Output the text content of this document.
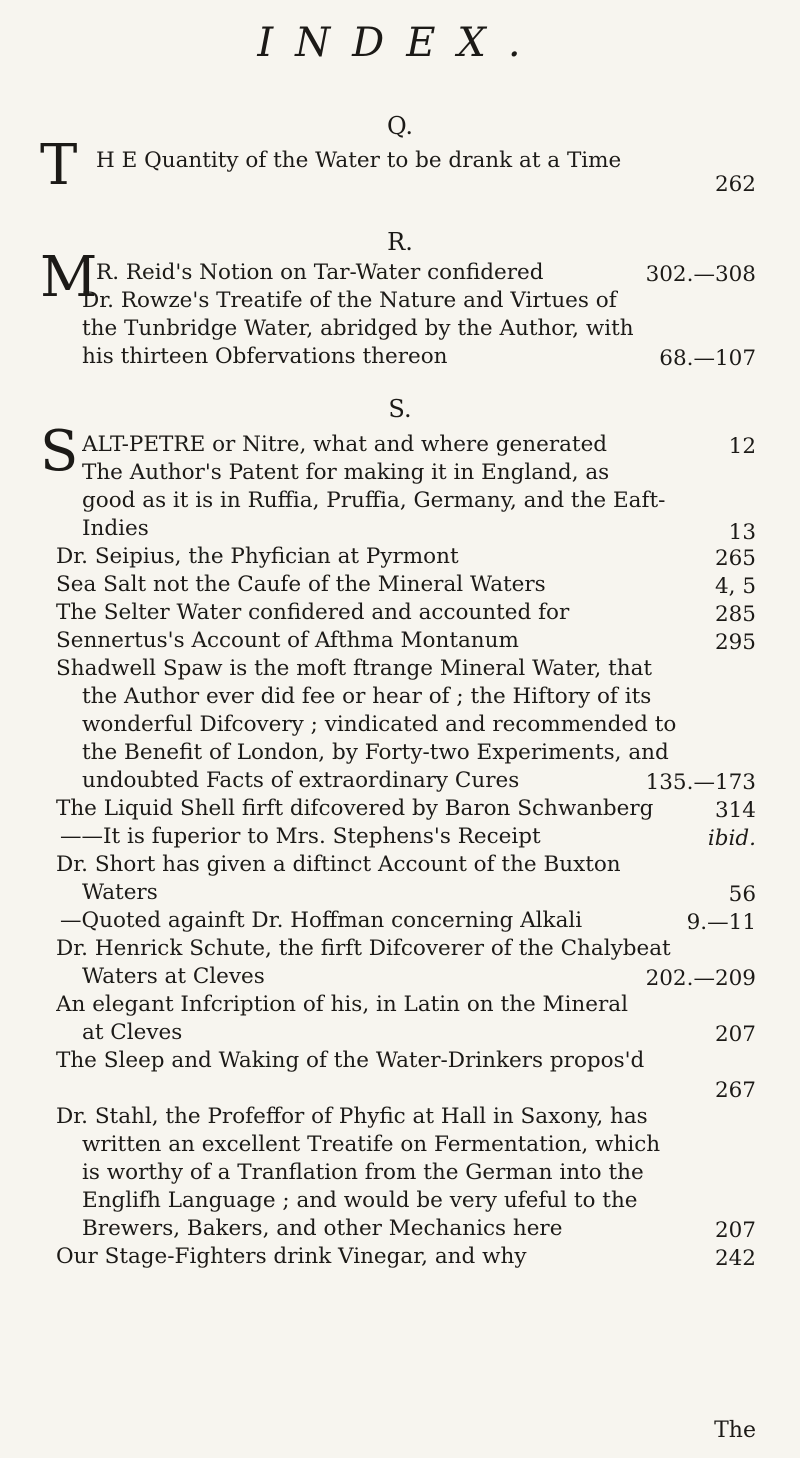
INDEX.
Q.
T H E Quantity of the Water to be drank at a Time
262
R.
M
R. Reid's Notion on Tar-Water confidered	302.—308
Dr. Rowze's Treatife of the Nature and Virtues of
the Tunbridge Water, abridged by the Author, with
his thirteen Obfervations thereon	68.—107
S.
S ALT-PETRE or Nitre, what and where generated	12
The Author's Patent for making it in England, as
good as it is in Ruffia, Pruffia, Germany, and the Eaft-
Indies	13
Dr. Seipius, the Phyfician at Pyrmont	265
Sea Salt not the Caufe of the Mineral Waters	4, 5
The Selter Water confidered and accounted for	285
Sennertus's Account of Afthma Montanum	295
Shadwell Spaw is the moft ftrange Mineral Water, that
the Author ever did fee or hear of ; the Hiftory of its
wonderful Difcovery ; vindicated and recommended to
the Benefit of London, by Forty-two Experiments, and
undoubted Facts of extraordinary Cures	135.—173
The Liquid Shell firft difcovered by Baron Schwanberg	314
——It is fuperior to Mrs. Stephens's Receipt	ibid.
Dr. Short has given a diftinct Account of the Buxton
Waters	56
—Quoted againft Dr. Hoffman concerning Alkali	9.—11
Dr. Henrick Schute, the firft Difcoverer of the Chalybeat
Waters at Cleves	202.—209
An elegant Infcription of his, in Latin on the Mineral
at Cleves	207
The Sleep and Waking of the Water-Drinkers propos'd
267
Dr. Stahl, the Profeffor of Phyfic at Hall in Saxony, has
written an excellent Treatife on Fermentation, which
is worthy of a Tranflation from the German into the
Englifh Language ; and would be very ufeful to the
Brewers, Bakers, and other Mechanics here	207
Our Stage-Fighters drink Vinegar, and why	242
The
